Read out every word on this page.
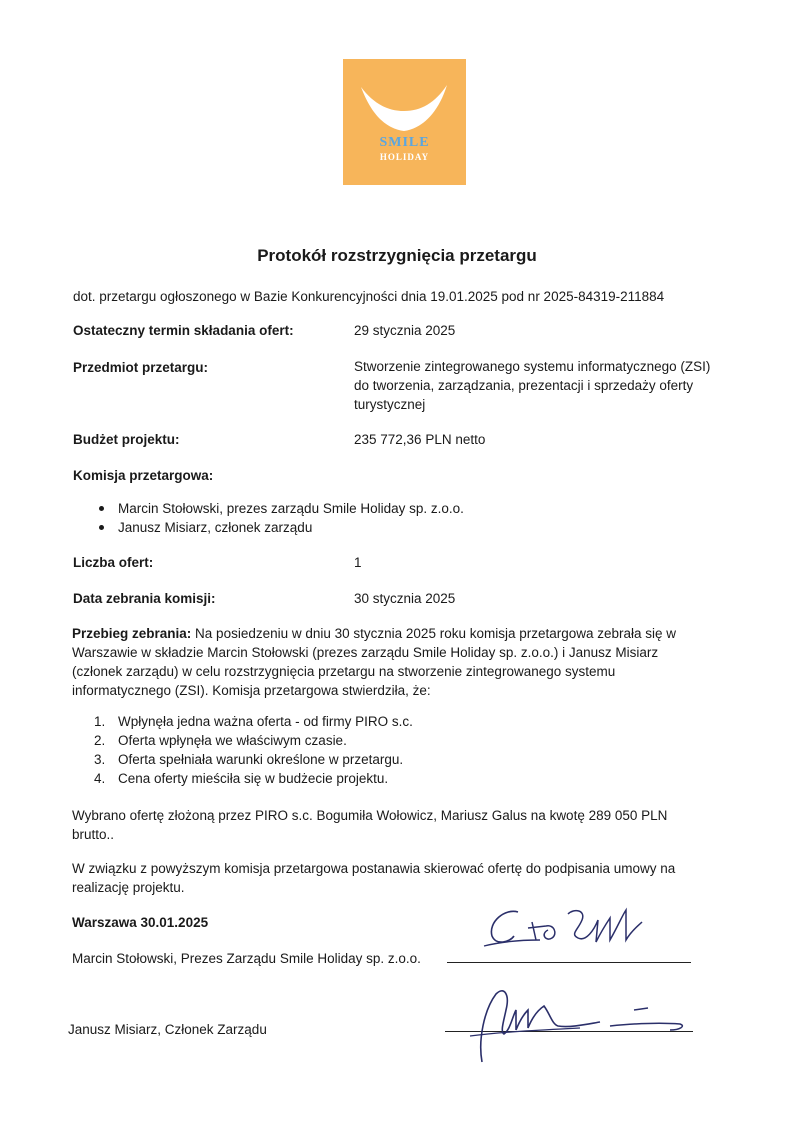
SMILE
HOLIDAY
Protokół rozstrzygnięcia przetargu
dot. przetargu ogłoszonego w Bazie Konkurencyjności dnia 19.01.2025 pod nr 2025-84319-211884
Ostateczny termin składania ofert:	29 stycznia 2025
Przedmiot przetargu:	Stworzenie zintegrowanego systemu informatycznego (ZSI)
do tworzenia, zarządzania, prezentacji i sprzedaży oferty
turystycznej
Budżet projektu:	235 772,36 PLN netto
Komisja przetargowa:
Marcin Stołowski, prezes zarządu Smile Holiday sp. z.o.o.
Janusz Misiarz, członek zarządu
Liczba ofert:	1
Data zebrania komisji:	30 stycznia 2025
Przebieg zebrania: Na posiedzeniu w dniu 30 stycznia 2025 roku komisja przetargowa zebrała się w
Warszawie w składzie Marcin Stołowski (prezes zarządu Smile Holiday sp. z.o.o.) i Janusz Misiarz
(członek zarządu) w celu rozstrzygnięcia przetargu na stworzenie zintegrowanego systemu
informatycznego (ZSI). Komisja przetargowa stwierdziła, że:
1. Wpłynęła jedna ważna oferta - od firmy PIRO s.c.
2. Oferta wpłynęła we właściwym czasie.
3. Oferta spełniała warunki określone w przetargu.
4. Cena oferty mieściła się w budżecie projektu.
Wybrano ofertę złożoną przez PIRO s.c. Bogumiła Wołowicz, Mariusz Galus na kwotę 289 050 PLN
brutto..
W związku z powyższym komisja przetargowa postanawia skierować ofertę do podpisania umowy na
realizację projektu.
Warszawa 30.01.2025
Marcin Stołowski, Prezes Zarządu Smile Holiday sp. z.o.o.
Janusz Misiarz, Członek Zarządu
